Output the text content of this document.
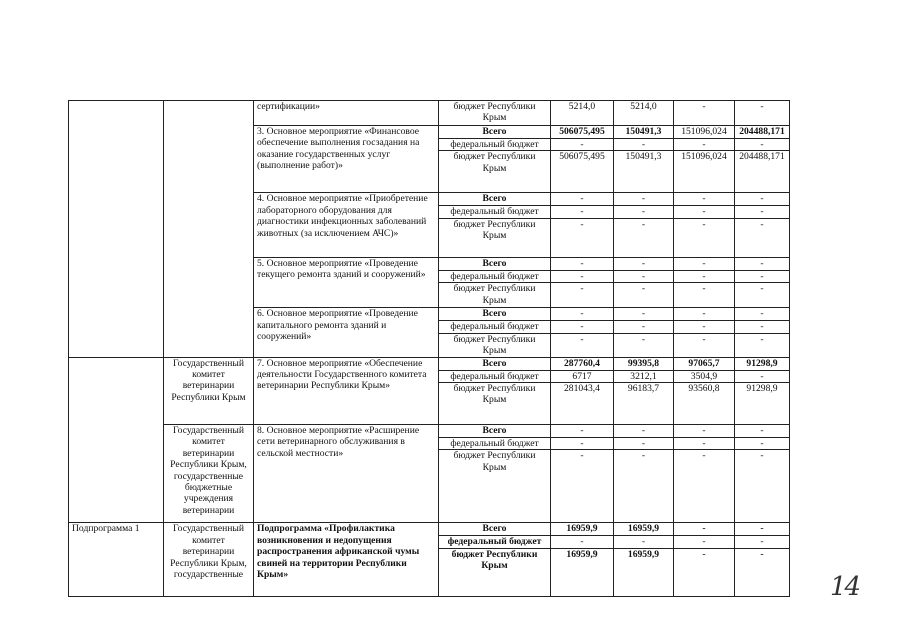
		сертификации»	бюджет Республики Крым	5214,0	5214,0	-	-
		3. Основное мероприятие «Финансовое обеспечение выполнения госзадания на оказание государственных услуг (выполнение работ)»	Всего	506075,495	150491,3	151096,024	204488,171
			федеральный бюджет	-	-	-	-
			бюджет Республики Крым	506075,495	150491,3	151096,024	204488,171
		4. Основное мероприятие «Приобретение лабораторного оборудования для диагностики инфекционных заболеваний животных (за исключением АЧС)»	Всего	-	-	-	-
			федеральный бюджет	-	-	-	-
			бюджет Республики Крым	-	-	-	-
		5. Основное мероприятие «Проведение текущего ремонта зданий и сооружений»	Всего	-	-	-	-
			федеральный бюджет	-	-	-	-
			бюджет Республики Крым	-	-	-	-
		6. Основное мероприятие «Проведение капитального ремонта зданий и сооружений»	Всего	-	-	-	-
			федеральный бюджет	-	-	-	-
			бюджет Республики Крым	-	-	-	-
	Государственный комитет ветеринарии Республики Крым	7. Основное мероприятие «Обеспечение деятельности Государственного комитета ветеринарии Республики Крым»	Всего	287760,4	99395,8	97065,7	91298,9
			федеральный бюджет	6717	3212,1	3504,9	-
			бюджет Республики Крым	281043,4	96183,7	93560,8	91298,9
	Государственный комитет ветеринарии Республики Крым, государственные бюджетные учреждения ветеринарии	8. Основное мероприятие «Расширение сети ветеринарного обслуживания в сельской местности»	Всего	-	-	-	-
			федеральный бюджет	-	-	-	-
			бюджет Республики Крым	-	-	-	-
Подпрограмма 1	Государственный комитет ветеринарии Республики Крым, государственные	Подпрограмма «Профилактика возникновения и недопущения распространения африканской чумы свиней на территории Республики Крым»	Всего	16959,9	16959,9	-	-
			федеральный бюджет	-	-	-	-
			бюджет Республики Крым	16959,9	16959,9	-	-
14
